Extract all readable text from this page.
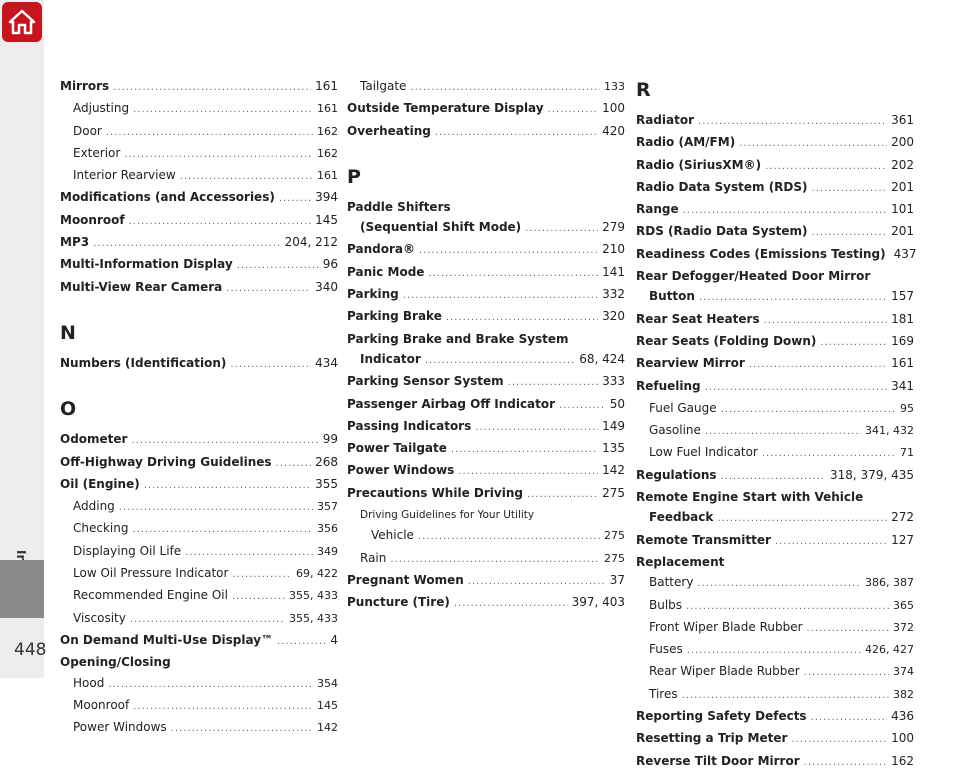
448
Mirrors .....	161
Adjusting .....	161
Door .....	162
Exterior .....	162
Interior Rearview .....	161
Modifications (and Accessories) .....	394
Moonroof .....	145
MP3 .....	204, 212
Multi-Information Display .....	96
Multi-View Rear Camera .....	340
N
Numbers (Identification) .....	434
O
Odometer .....	99
Off-Highway Driving Guidelines .....	268
Oil (Engine) .....	355
Adding .....	357
Checking .....	356
Displaying Oil Life .....	349
Low Oil Pressure Indicator .....	69, 422
Recommended Engine Oil .....	355, 433
Viscosity .....	355, 433
On Demand Multi-Use Display™ .....	4
Opening/Closing
Hood .....	354
Moonroof .....	145
Power Windows .....	142
Tailgate .....	133
Outside Temperature Display .....	100
Overheating .....	420
P
Paddle Shifters
(Sequential Shift Mode) .....	279
Pandora® .....	210
Panic Mode .....	141
Parking .....	332
Parking Brake .....	320
Parking Brake and Brake System
Indicator .....	68, 424
Parking Sensor System .....	333
Passenger Airbag Off Indicator .....	50
Passing Indicators .....	149
Power Tailgate .....	135
Power Windows .....	142
Precautions While Driving .....	275
Driving Guidelines for Your Utility
Vehicle .....	275
Rain .....	275
Pregnant Women .....	37
Puncture (Tire) .....	397, 403
R
Radiator .....	361
Radio (AM/FM) .....	200
Radio (SiriusXM®) .....	202
Radio Data System (RDS) .....	201
Range .....	101
RDS (Radio Data System) .....	201
Readiness Codes (Emissions Testing) 437
Rear Defogger/Heated Door Mirror
Button .....	157
Rear Seat Heaters .....	181
Rear Seats (Folding Down) .....	169
Rearview Mirror .....	161
Refueling .....	341
Fuel Gauge .....	95
Gasoline .....	341, 432
Low Fuel Indicator .....	71
Regulations .....	318, 379, 435
Remote Engine Start with Vehicle
Feedback .....	272
Remote Transmitter .....	127
Replacement
Battery .....	386, 387
Bulbs .....	365
Front Wiper Blade Rubber .....	372
Fuses .....	426, 427
Rear Wiper Blade Rubber .....	374
Tires .....	382
Reporting Safety Defects .....	436
Resetting a Trip Meter .....	100
Reverse Tilt Door Mirror .....	162
